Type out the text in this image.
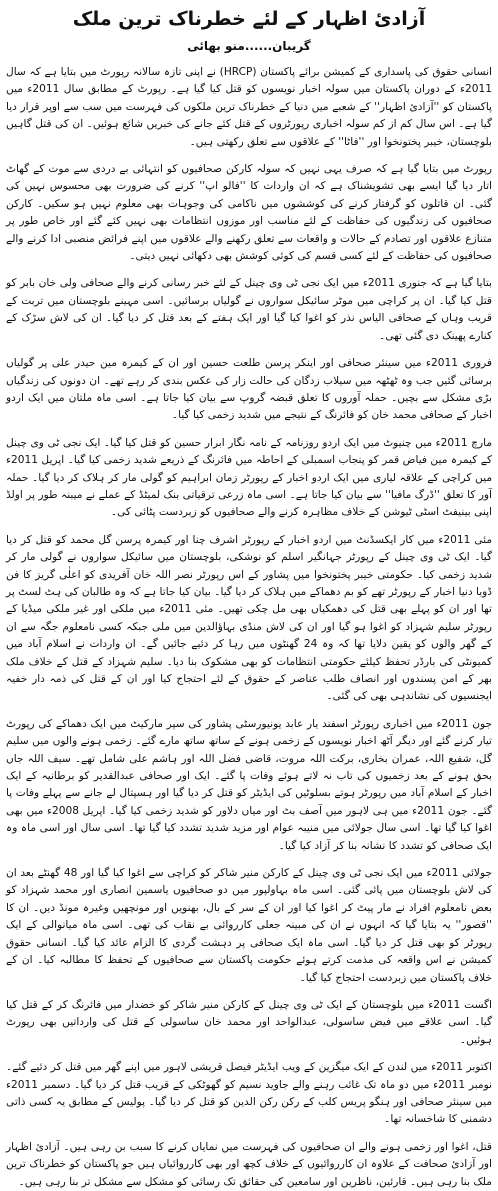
آزادیٔ اظہار کے لئے خطرناک ترین ملک
گریبان......منو بھائی

انسانی حقوق کی پاسداری کے کمیشن برائے پاکستان (HRCP) نے اپنی تازہ سالانہ رپورٹ میں بتایا ہے کہ سال 2011ء کے دوران پاکستان میں سولہ اخبار نویسوں کو قتل کیا گیا ہے۔ رپورٹ کے مطابق سال 2011ء میں پاکستان کو ''آزادیٔ اظہار'' کے شعبے میں دنیا کے خطرناک ترین ملکوں کی فہرست میں سب سے اوپر قرار دیا گیا ہے۔ اس سال کم از کم سولہ اخباری رپورٹروں کے قتل کئے جانے کی خبریں شائع ہوئیں۔ ان کی قتل گاہیں بلوچستان، خیبر پختونخوا اور ''فاٹا'' کے علاقوں سے تعلق رکھتی ہیں۔

رپورٹ میں بتایا گیا ہے کہ صرف یہی نہیں کہ سولہ کارکن صحافیوں کو انتہائی بے دردی سے موت کے گھاٹ اتار دیا گیا ایسے بھی تشویشناک ہے کہ ان واردات کا ''فالو اپ'' کرنے کی ضرورت بھی محسوس نہیں کی گئی۔ ان قاتلوں کو گرفتار کرنے کی کوششوں میں ناکامی کی وجوہات بھی معلوم نہیں ہو سکیں۔ کارکن صحافیوں کی زندگیوں کی حفاظت کے لئے مناسب اور موزوں انتظامات بھی نہیں کئے گئے اور خاص طور پر متنازع علاقوں اور تصادم کے حالات و واقعات سے تعلق رکھنے والے علاقوں میں اپنے فرائض منصبی ادا کرنے والے صحافیوں کی حفاظت کے لئے کسی قسم کی کوئی کوشش بھی دکھائی نہیں دیتی۔

بتایا گیا ہے کہ جنوری 2011ء میں ایک نجی ٹی وی چینل کے لئے خبر رسانی کرنے والے صحافی ولی خان بابر کو قتل کیا گیا۔ ان پر کراچی میں موٹر سائیکل سواروں نے گولیاں برسائیں۔ اسی مہینے بلوچستان میں تربت کے قریب وہاں کے صحافی الیاس نذر کو اغوا کیا گیا اور ایک ہفتے کے بعد قتل کر دیا گیا۔ ان کی لاش سڑک کے کنارے پھینک دی گئی تھی۔

فروری 2011ء میں سینئر صحافی اور اینکر پرسن طلعت حسین اور ان کے کیمرہ مین حیدر علی پر گولیاں برسائی گئیں جب وہ ٹھٹھہ میں سیلاب زدگان کی حالت زار کی عکس بندی کر رہے تھے۔ ان دونوں کی زندگیاں بڑی مشکل سے بچیں۔ حملہ آوروں کا تعلق قبضہ گروپ سے بیان کیا جاتا ہے۔ اسی ماہ ملتان میں ایک اردو اخبار کے صحافی محمد خان کو فائرنگ کے نتیجے میں شدید زخمی کیا گیا۔

مارچ 2011ء میں چنیوٹ میں ایک اردو روزنامہ کے نامہ نگار ابرار حسین کو قتل کیا گیا۔ ایک نجی ٹی وی چینل کے کیمرہ مین فیاض قمر کو پنجاب اسمبلی کے احاطہ میں فائرنگ کے ذریعے شدید زخمی کیا گیا۔ اپریل 2011ء میں کراچی کے علاقہ لیاری میں ایک اردو اخبار کے رپورٹر زمان ابراہیم کو گولی مار کر ہلاک کر دیا گیا۔ حملہ آور کا تعلق ''ڈرگ مافیا'' سے بیان کیا جاتا ہے۔ اسی ماہ زرعی ترقیاتی بنک لمیٹڈ کے عملے نے میبنہ طور پر اولڈ اپنی بینیفٹ اسٹی ٹیوشن کے خلاف مظاہرہ کرنے والے صحافیوں کو زبردست پٹائی کی۔

مئی 2011ء میں کار ایکسڈنٹ میں اردو اخبار کے رپورٹر اشرف چنا اور کیمرہ پرسن گل محمد کو قتل کر دیا گیا۔ ایک ٹی وی چینل کے رپورٹر جہانگیر اسلم کو نوشکی، بلوچستان میں سائیکل سواروں نے گولی مار کر شدید زخمی کیا۔ حکومتی خیبر پختونخوا میں پشاور کے اس رپورٹر نصر اللہ خان آفریدی کو اعلٰی گریز کا فن ڈوبا دنیا اخبار کے رپورٹر تھے کو بم دھماکے میں ہلاک کر دیا گیا۔ بیان کیا جاتا ہے کہ وہ طالبان کی ہٹ لسٹ پر تھا اور ان کو پہلے بھی قتل کی دھمکیاں بھی مل چکی تھیں۔ مئی 2011ء میں ملکی اور غیر ملکی میڈیا کے رپورٹر سلیم شہزاد کو اغوا ہو گیا اور ان کی لاش منڈی بہاؤالدین میں ملی جبکہ کسی نامعلوم جگہ سے ان کے گھر والوں کو یقین دلایا تھا کہ وہ 24 گھنٹوں میں رہا کر دئیے جائیں گے۔ ان واردات نے اسلام آباد میں کمیونٹی کی بارڈر تحفظ کیلئے حکومتی انتظامات کو بھی مشکوک بنا دیا۔ سلیم شہزاد کے قتل کے خلاف ملک بھر کے امن پسندوں اور انصاف طلب عناصر کے حقوق کے لئے احتجاج کیا اور ان کے قتل کی ذمہ دار خفیہ ایجنسیوں کی نشاندہی بھی کی گئی۔

جون 2011ء میں اخباری رپورٹر اسفند یار عابد یونیورسٹی پشاور کی سپر مارکیٹ میں ایک دھماکے کی رپورٹ تیار کرنے گئے اور دیگر آٹھ اخبار نویسوں کے زخمی ہونے کے ساتھ ساتھ مارے گئے۔ زخمی ہونے والوں میں سلیم گل، شفیع اللہ، عمران بخاری، برکت اللہ مروت، قاضی فضل اللہ اور ہاشم علی شامل تھے۔ سیف اللہ جاں بحق ہونے کے بعد زخمیوں کی تاب نہ لاتے ہوئے وفات پا گئے۔ ایک اور صحافی عبدالقدیر کو برطانیہ کے ایک اخبار کے اسلام آباد میں رپورٹر ہوتے بسلوٹیں کی ایڈیٹر کو قتل کر دیا گیا اور ہسپتال لے جانے سے پہلے وفات پا گئے۔ جون 2011ء میں ہی لاہور میں آصف بٹ اور میاں دلاور کو شدید زخمی کیا گیا۔ اپریل 2008ء میں بھی اغوا کیا گیا تھا۔ اسی سال جولائی میں منیبہ عوام اور مزید شدید تشدد کیا گیا تھا۔ اسی سال اور اسی ماہ وہ ایک صحافی کو تشدد کا نشانہ بنا کر آزاد کیا گیا۔

جولائی 2011ء میں ایک نجی ٹی وی چینل کے کارکن منیر شاکر کو کراچی سے اغوا کیا گیا اور 48 گھنٹے بعد ان کی لاش بلوچستان میں پائی گئی۔ اسی ماہ بہاولپور میں دو صحافیوں یاسمین انصاری اور محمد شہزاد کو بعض نامعلوم افراد نے مار پیٹ کر اغوا کیا اور ان کے سر کے بال، بھنویں اور مونچھیں وغیرہ مونڈ دیں۔ ان کا ''قصور'' یہ بتایا گیا کہ انہوں نے ان کی مبینہ جعلی کارروائی بے نقاب کی تھی۔ اسی ماہ میانوالی کے ایک رپورٹر کو بھی قتل کر دیا گیا۔ اسی ماہ ایک صحافی پر دہشت گردی کا الزام عائد کیا گیا۔ انسانی حقوق کمیشن نے اس واقعہ کی مذمت کرتے ہوئے حکومت پاکستان سے صحافیوں کے تحفظ کا مطالبہ کیا۔ ان کے خلاف پاکستان میں زبردست احتجاج کیا گیا۔

اگست 2011ء میں بلوچستان کے ایک ٹی وی چینل کے کارکن منیر شاکر کو خضدار میں فائرنگ کر کے قتل کیا گیا۔ اسی علاقے میں فیض ساسولی، عبدالواحد اور محمد خان ساسولی کے قتل کی وارداتیں بھی رپورٹ ہوئیں۔

اکتوبر 2011ء میں لندن کے ایک میگزین کے ویب ایڈیٹر فیصل قریشی لاہور میں اپنے گھر میں قتل کر دئیے گئے۔ نومبر 2011ء میں دو ماہ تک غائب رہنے والے جاوید نسیم کو گھوٹکی کے قریب قتل کر دیا گیا۔ دسمبر 2011ء میں سینئر صحافی اور ہنگو پریس کلب کے رکن رکن الدین کو قتل کر دیا گیا۔ پولیس کے مطابق یہ کسی ذاتی دشمنی کا شاخسانہ تھا۔

قتل، اغوا اور زخمی ہونے والے ان صحافیوں کی فہرست میں نمایاں کرنے کا سبب بن رہی ہیں۔ آزادیٔ اظہار اور آزادیٔ صحافت کے علاوہ ان کارروائیوں کے خلاف کچھ اور بھی کارروائیاں ہیں جو پاکستان کو خطرناک ترین ملک بنا رہی ہیں۔ قارئین، ناظرین اور سامعین کی حقائق تک رسائی کو مشکل سے مشکل تر بنا رہی ہیں۔
